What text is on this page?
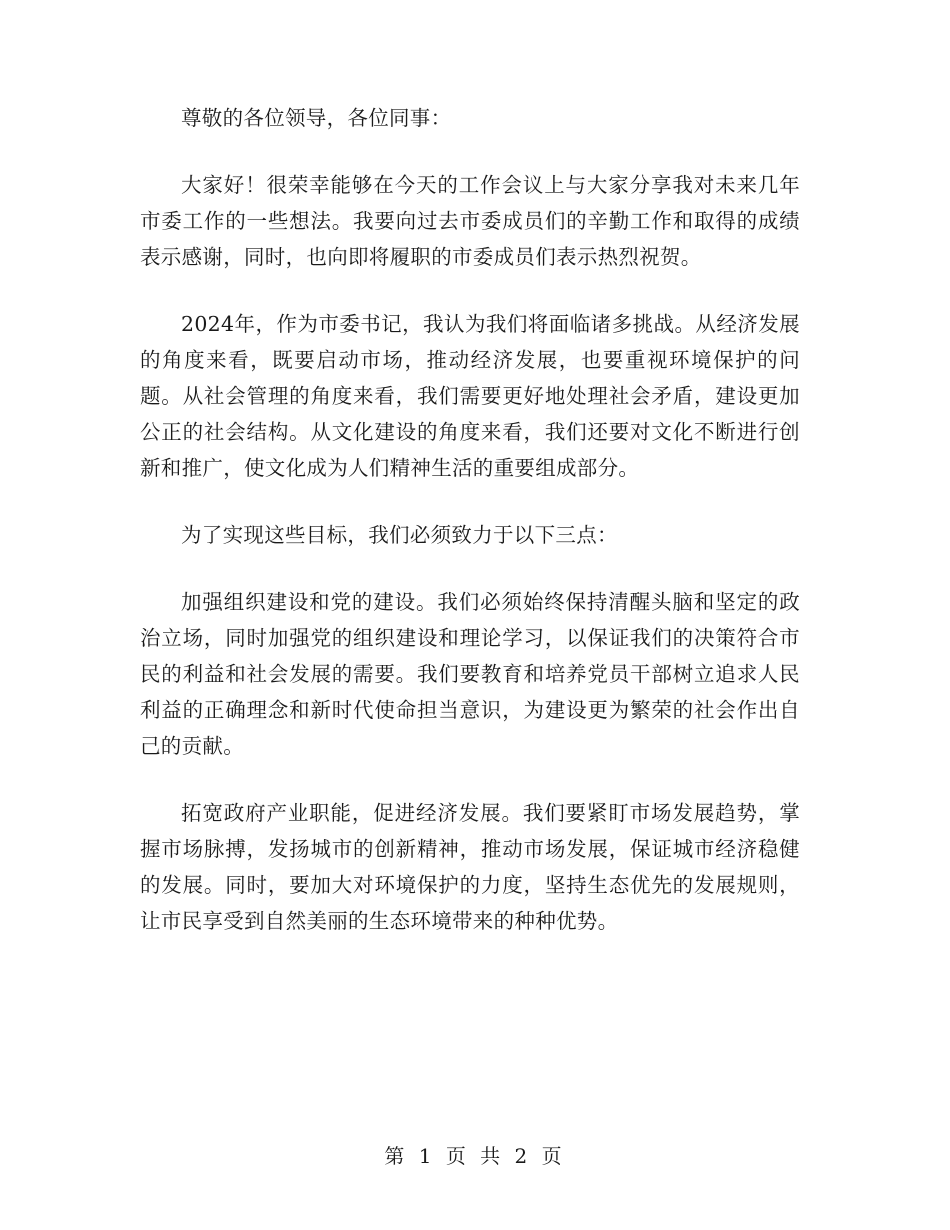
尊敬的各位领导，各位同事：

大家好！很荣幸能够在今天的工作会议上与大家分享我对未来几年市委工作的一些想法。我要向过去市委成员们的辛勤工作和取得的成绩表示感谢，同时，也向即将履职的市委成员们表示热烈祝贺。

2024年，作为市委书记，我认为我们将面临诸多挑战。从经济发展的角度来看，既要启动市场，推动经济发展，也要重视环境保护的问题。从社会管理的角度来看，我们需要更好地处理社会矛盾，建设更加公正的社会结构。从文化建设的角度来看，我们还要对文化不断进行创新和推广，使文化成为人们精神生活的重要组成部分。

为了实现这些目标，我们必须致力于以下三点：

加强组织建设和党的建设。我们必须始终保持清醒头脑和坚定的政治立场，同时加强党的组织建设和理论学习，以保证我们的决策符合市民的利益和社会发展的需要。我们要教育和培养党员干部树立追求人民利益的正确理念和新时代使命担当意识，为建设更为繁荣的社会作出自己的贡献。

拓宽政府产业职能，促进经济发展。我们要紧盯市场发展趋势，掌握市场脉搏，发扬城市的创新精神，推动市场发展，保证城市经济稳健的发展。同时，要加大对环境保护的力度，坚持生态优先的发展规则，让市民享受到自然美丽的生态环境带来的种种优势。

第 1 页 共 2 页
